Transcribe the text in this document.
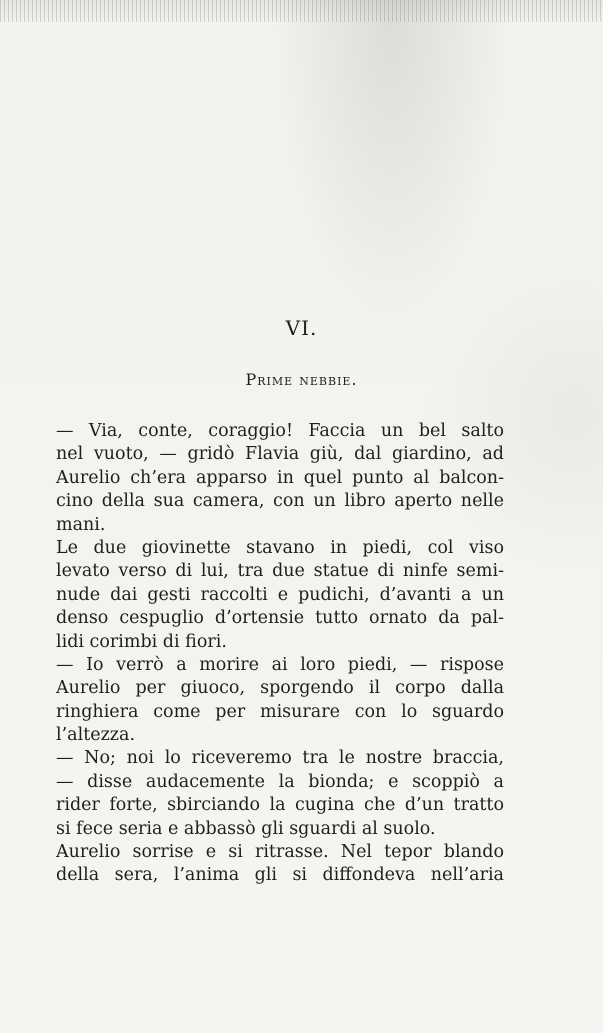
VI.
Prime nebbie.
— Via, conte, coraggio! Faccia un bel salto
nel vuoto, — gridò Flavia giù, dal giardino, ad
Aurelio ch’era apparso in quel punto al balcon-
cino della sua camera, con un libro aperto nelle
mani.
Le due giovinette stavano in piedi, col viso
levato verso di lui, tra due statue di ninfe semi-
nude dai gesti raccolti e pudichi, d’avanti a un
denso cespuglio d’ortensie tutto ornato da pal-
lidi corimbi di fiori.
— Io verrò a morire ai loro piedi, — rispose
Aurelio per giuoco, sporgendo il corpo dalla
ringhiera come per misurare con lo sguardo
l’altezza.
— No; noi lo riceveremo tra le nostre braccia,
— disse audacemente la bionda; e scoppiò a
rider forte, sbirciando la cugina che d’un tratto
si fece seria e abbassò gli sguardi al suolo.
Aurelio sorrise e si ritrasse. Nel tepor blando
della sera, l’anima gli si diffondeva nell’aria
